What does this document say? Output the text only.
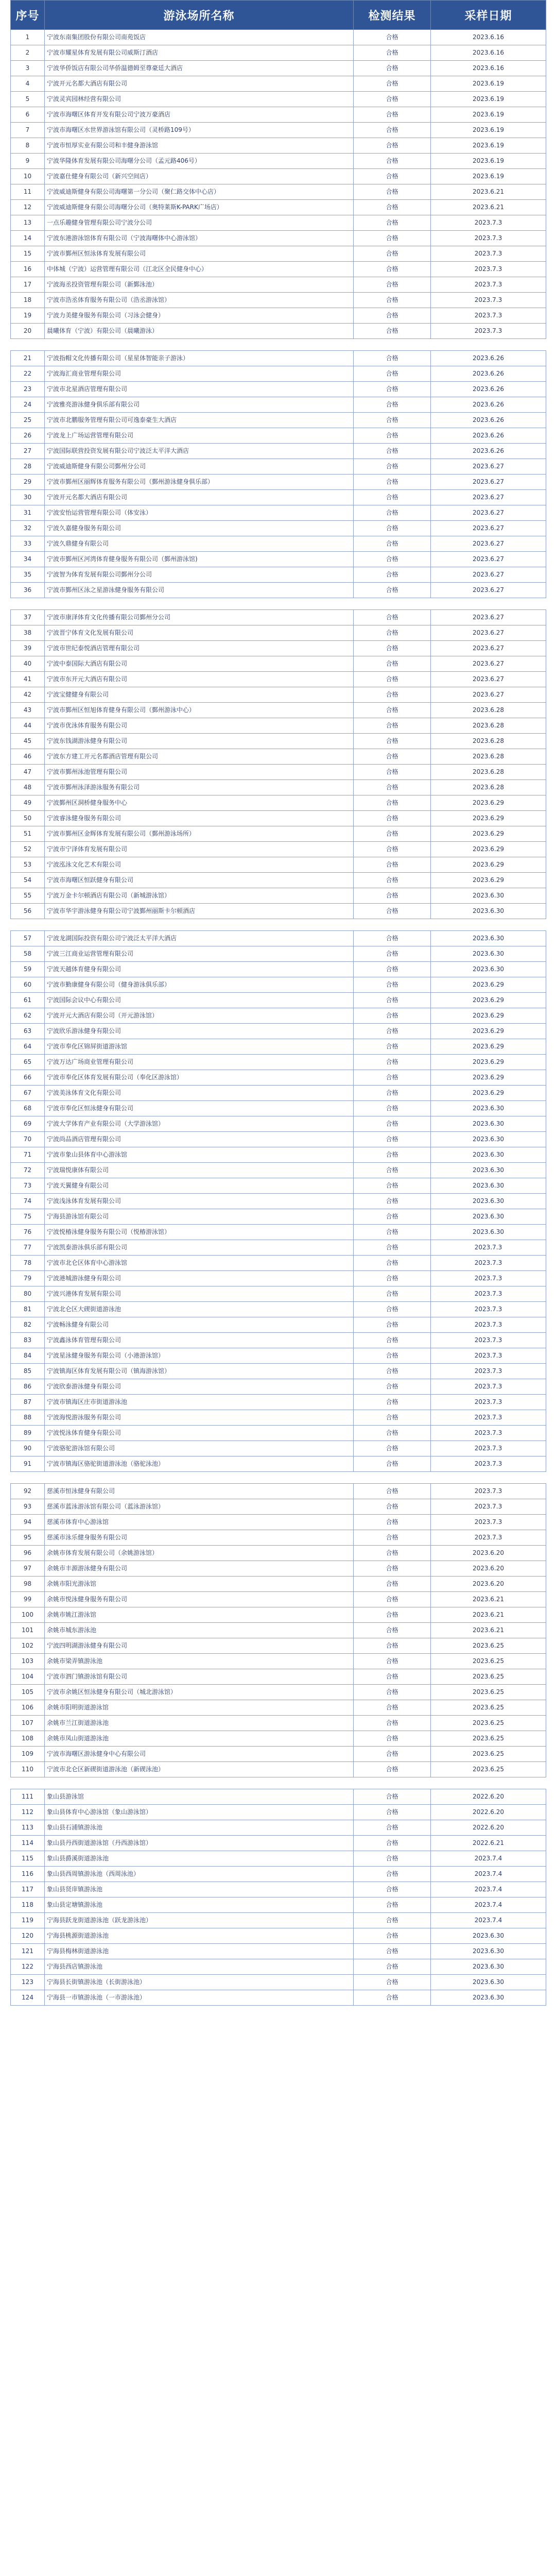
序号	游泳场所名称	检测结果	采样日期
1	宁波东南集团股份有限公司南苑饭店	合格	2023.6.16
2	宁波市耀星体育发展有限公司威斯汀酒店	合格	2023.6.16
3	宁波华侨饭店有限公司华侨温德姆至尊豪廷大酒店	合格	2023.6.16
4	宁波开元名都大酒店有限公司	合格	2023.6.19
5	宁波灵宾园林经营有限公司	合格	2023.6.19
6	宁波市海曙区体育开发有限公司宁波万豪酒店	合格	2023.6.19
7	宁波市海曙区水世界游泳馆有限公司（灵桥路109号）	合格	2023.6.19
8	宁波市恒厚实业有限公司和丰健身游泳馆	合格	2023.6.19
9	宁波华隆体育发展有限公司海曙分公司（孟元路406号）	合格	2023.6.19
10	宁波嘉仕健身有限公司（新兴空间店）	合格	2023.6.19
11	宁波威迪斯健身有限公司海曙第一分公司（聚仁路交体中心店）	合格	2023.6.21
12	宁波威迪斯健身有限公司海曙分公司（奥特莱斯K-PARK广场店）	合格	2023.6.21
13	一点乐趣健身管理有限公司宁波分公司	合格	2023.7.3
14	宁波东港游泳馆体育有限公司（宁波海曙体中心游泳馆）	合格	2023.7.3
15	宁波市鄞州区恒泳体育发展有限公司	合格	2023.7.3
16	中体城（宁波）运营管理有限公司（江北区全民健身中心）	合格	2023.7.3
17	宁波海丞投资管理有限公司（新鄞泳池）	合格	2023.7.3
18	宁波市浩丞体育服务有限公司（浩丞游泳馆）	合格	2023.7.3
19	宁波力美健身服务有限公司（习泳会健身）	合格	2023.7.3
20	晨曦体育（宁波）有限公司（晨曦游泳）	合格	2023.7.3

21	宁波指帽文化传播有限公司（星星体智能亲子游泳）	合格	2023.6.26
22	宁波海汇商业管理有限公司	合格	2023.6.26
23	宁波市北星酒店管理有限公司	合格	2023.6.26
24	宁波雅亮游泳健身俱乐部有限公司	合格	2023.6.26
25	宁波市北鹏服务管理有限公司可逸泰豪生大酒店	合格	2023.6.26
26	宁波龙上广场运营管理有限公司	合格	2023.6.26
27	宁波国际联营投资发展有限公司宁波泛太平洋大酒店	合格	2023.6.26
28	宁波威迪斯健身有限公司鄞州分公司	合格	2023.6.27
29	宁波市鄞州区丽辉体育服务有限公司（鄞州游泳健身俱乐部）	合格	2023.6.27
30	宁波开元名都大酒店有限公司	合格	2023.6.27
31	宁波安怡运营管理有限公司（体安泳）	合格	2023.6.27
32	宁波久嘉健身服务有限公司	合格	2023.6.27
33	宁波久鼎健身有限公司	合格	2023.6.27
34	宁波市鄞州区河湾体育健身服务有限公司（鄞州游泳馆)	合格	2023.6.27
35	宁波智为体育发展有限公司鄞州分公司	合格	2023.6.27
36	宁波市鄞州区泳之星游泳健身服务有限公司	合格	2023.6.27

37	宁波市康泽体育文化传播有限公司鄞州分公司	合格	2023.6.27
38	宁波晋宁体育文化发展有限公司	合格	2023.6.27
39	宁波市世纪泰悦酒店管理有限公司	合格	2023.6.27
40	宁波中泰国际大酒店有限公司	合格	2023.6.27
41	宁波市东开元大酒店有限公司	合格	2023.6.27
42	宁波宝健健身有限公司	合格	2023.6.27
43	宁波市鄞州区恒旭体育健身有限公司（鄞州游泳中心）	合格	2023.6.28
44	宁波市优泳体育服务有限公司	合格	2023.6.28
45	宁波东钱湖游泳健身有限公司	合格	2023.6.28
46	宁波东方建工开元名都酒店管理有限公司	合格	2023.6.28
47	宁波市鄞州泳池管理有限公司	合格	2023.6.28
48	宁波市鄞州泳泽游泳服务有限公司	合格	2023.6.28
49	宁波鄞州区洞桥健身服务中心	合格	2023.6.29
50	宁波睿泳健身服务有限公司	合格	2023.6.29
51	宁波市鄞州区金辉体育发展有限公司（鄞州游泳场所）	合格	2023.6.29
52	宁波市宁泽体育发展有限公司	合格	2023.6.29
53	宁波泓泳文化艺术有限公司	合格	2023.6.29
54	宁波市海曙区恒跃健身有限公司	合格	2023.6.29
55	宁波万金卡尔顿酒店有限公司（新城游泳馆）	合格	2023.6.30
56	宁波市华宇游泳健身有限公司宁波鄞州丽斯卡尔顿酒店	合格	2023.6.30

57	宁波龙湖国际投资有限公司宁波泛太平洋大酒店	合格	2023.6.30
58	宁波三江商业运营管理有限公司	合格	2023.6.30
59	宁波天越体育健身有限公司	合格	2023.6.30
60	宁波市勤康健身有限公司（健身游泳俱乐部）	合格	2023.6.29
61	宁波国际会议中心有限公司	合格	2023.6.29
62	宁波开元大酒店有限公司（开元游泳馆）	合格	2023.6.29
63	宁波欣乐游泳健身有限公司	合格	2023.6.29
64	宁波市奉化区锦屏街道游泳馆	合格	2023.6.29
65	宁波万达广场商业管理有限公司	合格	2023.6.29
66	宁波市奉化区体育发展有限公司（奉化区游泳馆）	合格	2023.6.29
67	宁波美泳体育文化有限公司	合格	2023.6.29
68	宁波市奉化区恒泳健身有限公司	合格	2023.6.30
69	宁波大学体育产业有限公司（大学游泳馆）	合格	2023.6.30
70	宁波尚品酒店管理有限公司	合格	2023.6.30
71	宁波市象山县体育中心游泳馆	合格	2023.6.30
72	宁波瑞悦康体有限公司	合格	2023.6.30
73	宁波天翼健身有限公司	合格	2023.6.30
74	宁波浅泳体育发展有限公司	合格	2023.6.30
75	宁海县游泳馆有限公司	合格	2023.6.30
76	宁波悦椿泳健身服务有限公司（悦椿游泳馆）	合格	2023.6.30
77	宁波凯泰游泳俱乐部有限公司	合格	2023.7.3
78	宁波市北仑区体育中心游泳馆	合格	2023.7.3
79	宁波港城游泳健身有限公司	合格	2023.7.3
80	宁波兴港体育发展有限公司	合格	2023.7.3
81	宁波北仑区大碶街道游泳池	合格	2023.7.3
82	宁波畅泳健身有限公司	合格	2023.7.3
83	宁波鑫泳体育管理有限公司	合格	2023.7.3
84	宁波星泳健身服务有限公司（小港游泳馆）	合格	2023.7.3
85	宁波镇海区体育发展有限公司（镇海游泳馆）	合格	2023.7.3
86	宁波欣泰游泳健身有限公司	合格	2023.7.3
87	宁波市镇海区庄市街道游泳池	合格	2023.7.3
88	宁波海悦游泳服务有限公司	合格	2023.7.3
89	宁波悦泳体育健身有限公司	合格	2023.7.3
90	宁波骆驼游泳馆有限公司	合格	2023.7.3
91	宁波市镇海区骆驼街道游泳池（骆驼泳池）	合格	2023.7.3

92	慈溪市恒泳健身有限公司	合格	2023.7.3
93	慈溪市蓝泳游泳馆有限公司（蓝泳游泳馆）	合格	2023.7.3
94	慈溪市体育中心游泳馆	合格	2023.7.3
95	慈溪市泳乐健身服务有限公司	合格	2023.7.3
96	余姚市体育发展有限公司（余姚游泳馆）	合格	2023.6.20
97	余姚市丰源游泳健身有限公司	合格	2023.6.20
98	余姚市阳光游泳馆	合格	2023.6.20
99	余姚市悦泳健身服务有限公司	合格	2023.6.21
100	余姚市姚江游泳馆	合格	2023.6.21
101	余姚市城东游泳池	合格	2023.6.21
102	宁波四明湖游泳健身有限公司	合格	2023.6.25
103	余姚市梁弄镇游泳池	合格	2023.6.25
104	宁波市泗门镇游泳馆有限公司	合格	2023.6.25
105	宁波市余姚区恒泳健身有限公司（城北游泳馆）	合格	2023.6.25
106	余姚市阳明街道游泳馆	合格	2023.6.25
107	余姚市兰江街道游泳池	合格	2023.6.25
108	余姚市凤山街道游泳池	合格	2023.6.25
109	宁波市海曙区游泳健身中心有限公司	合格	2023.6.25
110	宁波市北仑区新碶街道游泳池（新碶泳池）	合格	2023.6.25

111	象山县游泳馆	合格	2022.6.20
112	象山县体育中心游泳馆（象山游泳馆）	合格	2022.6.20
113	象山县石浦镇游泳池	合格	2022.6.20
114	象山县丹西街道游泳馆（丹西游泳馆）	合格	2022.6.21
115	象山县爵溪街道游泳池	合格	2023.7.4
116	象山县西周镇游泳池（西周泳池）	合格	2023.7.4
117	象山县贤庠镇游泳池	合格	2023.7.4
118	象山县定塘镇游泳池	合格	2023.7.4
119	宁海县跃龙街道游泳池（跃龙游泳池）	合格	2023.7.4
120	宁海县桃源街道游泳池	合格	2023.6.30
121	宁海县梅林街道游泳池	合格	2023.6.30
122	宁海县西店镇游泳池	合格	2023.6.30
123	宁海县长街镇游泳池（长街游泳池）	合格	2023.6.30
124	宁海县一市镇游泳池（一市游泳池）	合格	2023.6.30
